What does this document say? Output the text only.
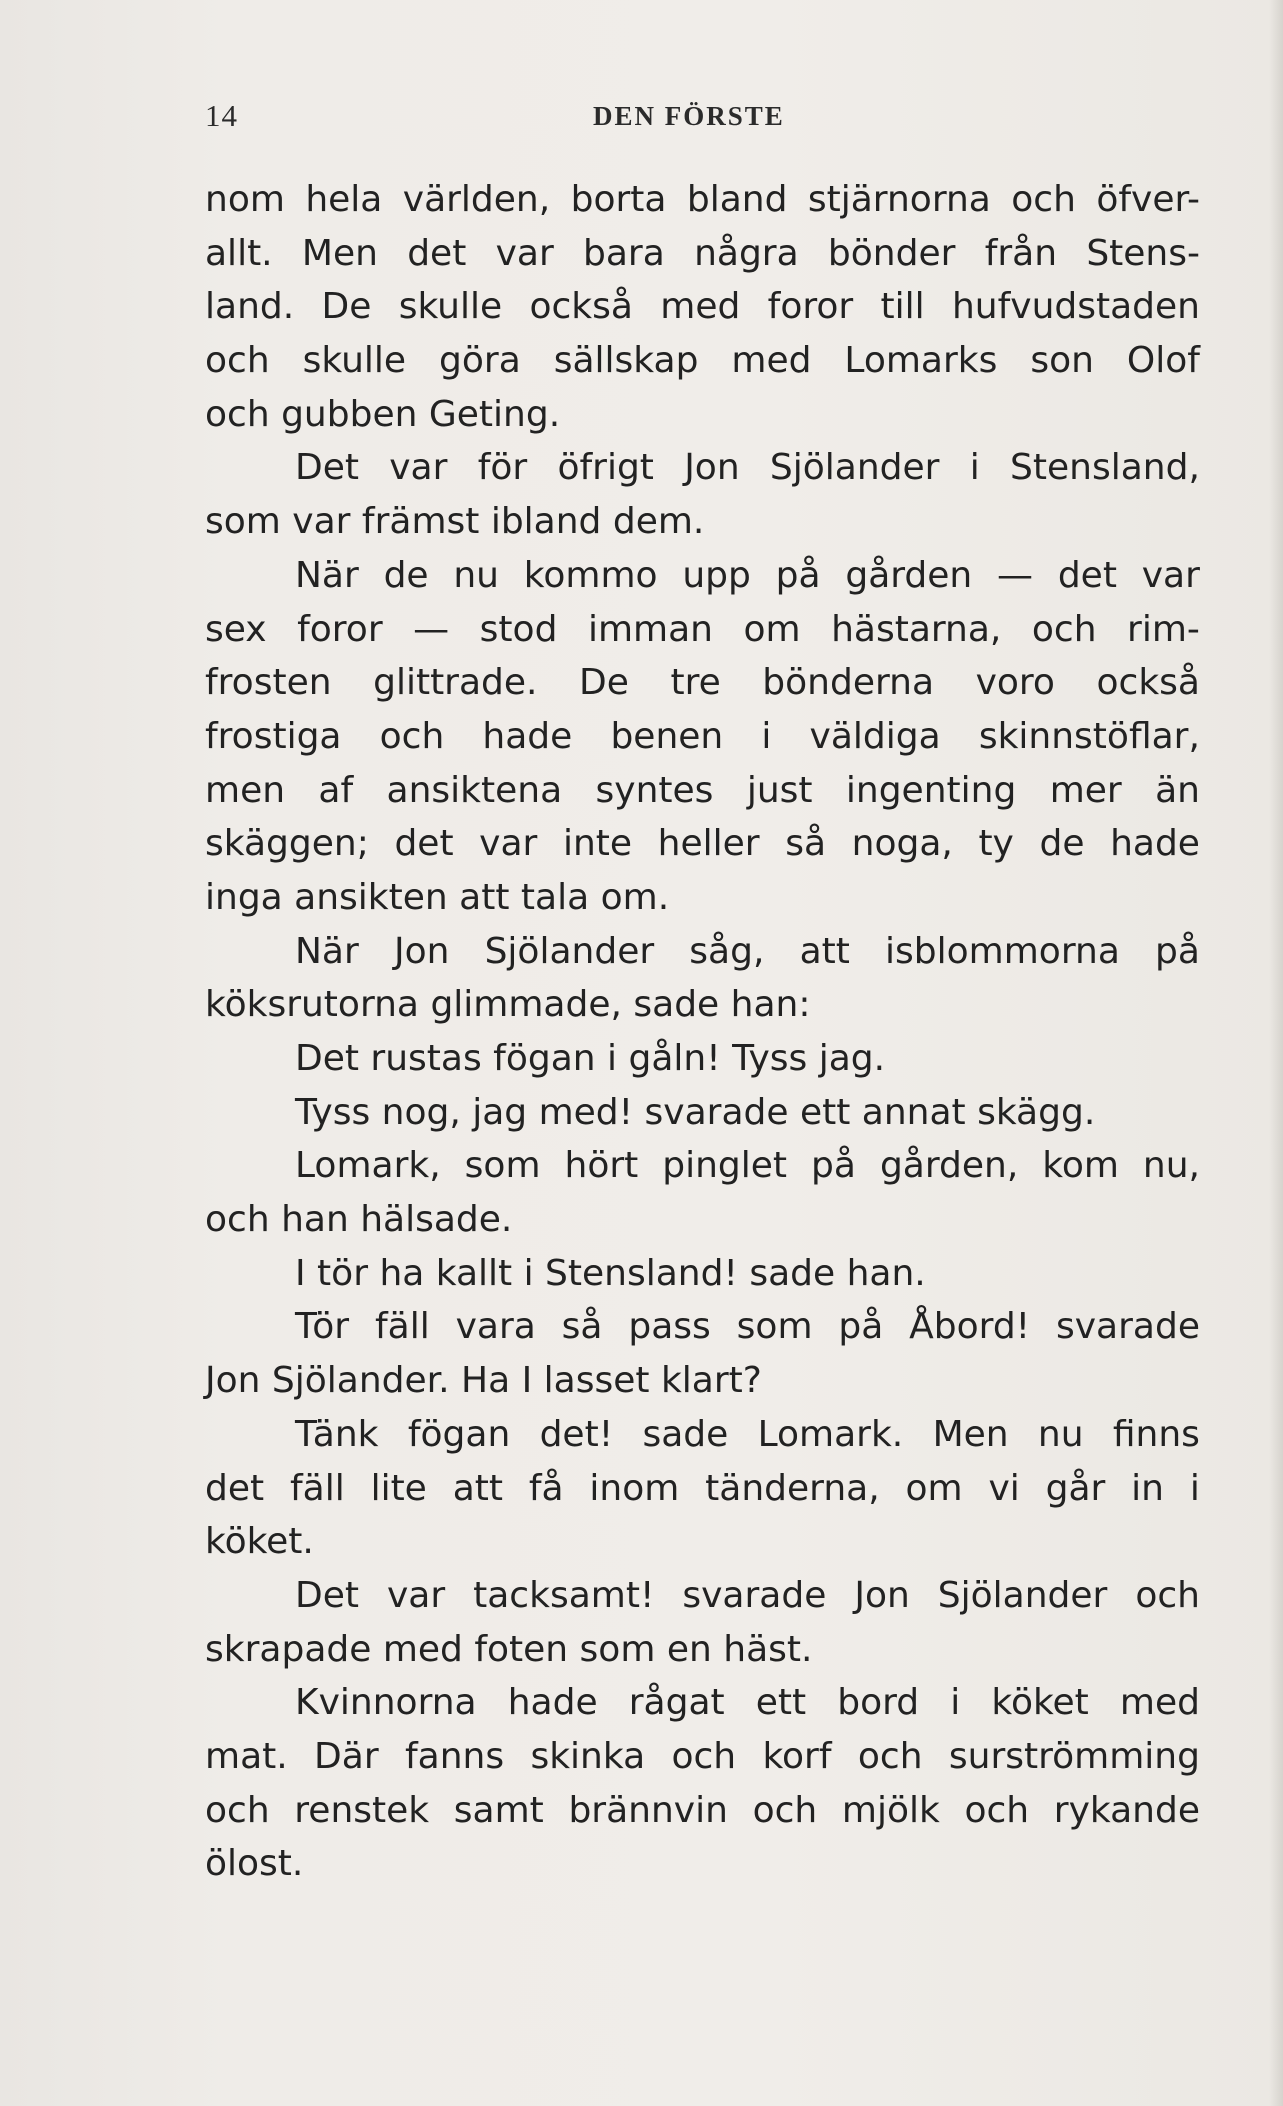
14	DEN FÖRSTE
nom hela världen, borta bland stjärnorna och öfver-
allt. Men det var bara några bönder från Stens-
land. De skulle också med foror till hufvudstaden
och skulle göra sällskap med Lomarks son Olof
och gubben Geting.
Det var för öfrigt Jon Sjölander i Stensland,
som var främst ibland dem.
När de nu kommo upp på gården — det var
sex foror — stod imman om hästarna, och rim-
frosten glittrade. De tre bönderna voro också
frostiga och hade benen i väldiga skinnstöflar,
men af ansiktena syntes just ingenting mer än
skäggen; det var inte heller så noga, ty de hade
inga ansikten att tala om.
När Jon Sjölander såg, att isblommorna på
köksrutorna glimmade, sade han:
Det rustas fögan i gåln! Tyss jag.
Tyss nog, jag med! svarade ett annat skägg.
Lomark, som hört pinglet på gården, kom nu,
och han hälsade.
I tör ha kallt i Stensland! sade han.
Tör fäll vara så pass som på Åbord! svarade
Jon Sjölander. Ha I lasset klart?
Tänk fögan det! sade Lomark. Men nu finns
det fäll lite att få inom tänderna, om vi går in i
köket.
Det var tacksamt! svarade Jon Sjölander och
skrapade med foten som en häst.
Kvinnorna hade rågat ett bord i köket med
mat. Där fanns skinka och korf och surströmming
och renstek samt brännvin och mjölk och rykande
ölost.
